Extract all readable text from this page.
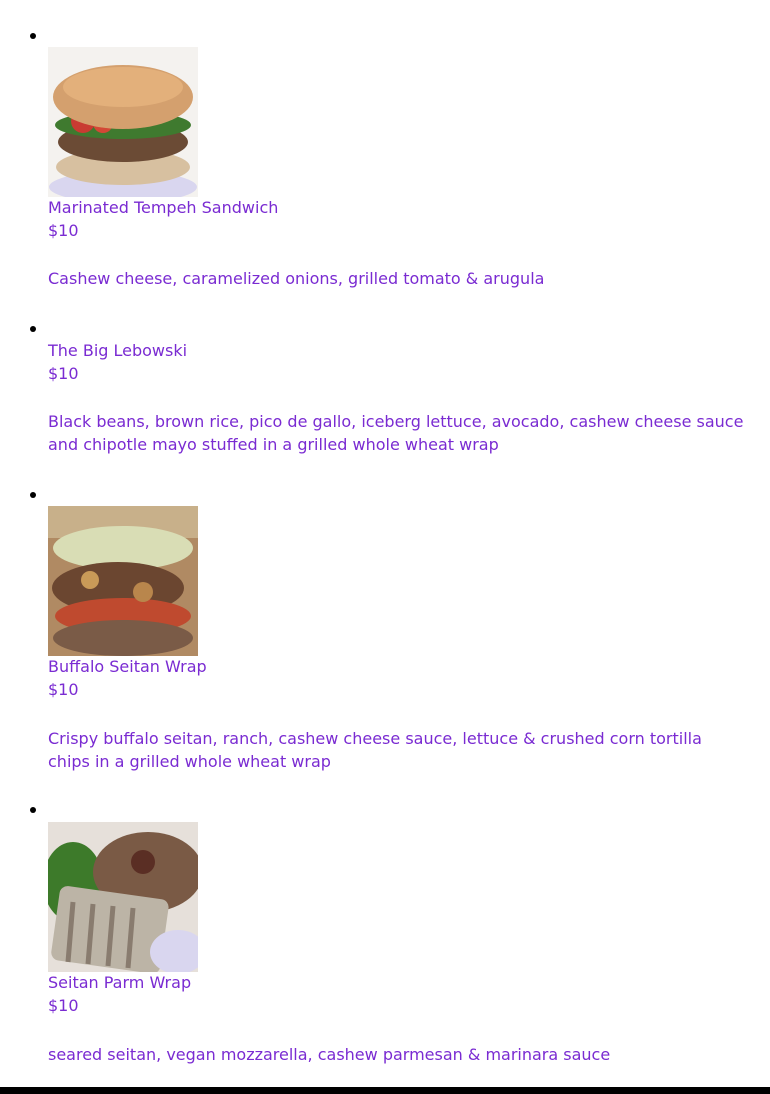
Marinated Tempeh Sandwich
$10
Cashew cheese, caramelized onions, grilled tomato & arugula
The Big Lebowski
$10
Black beans, brown rice, pico de gallo, iceberg lettuce, avocado, cashew cheese sauce and chipotle mayo stuffed in a grilled whole wheat wrap
Buffalo Seitan Wrap
$10
Crispy buffalo seitan, ranch, cashew cheese sauce, lettuce & crushed corn tortilla chips in a grilled whole wheat wrap
Seitan Parm Wrap
$10
seared seitan, vegan mozzarella, cashew parmesan & marinara sauce
